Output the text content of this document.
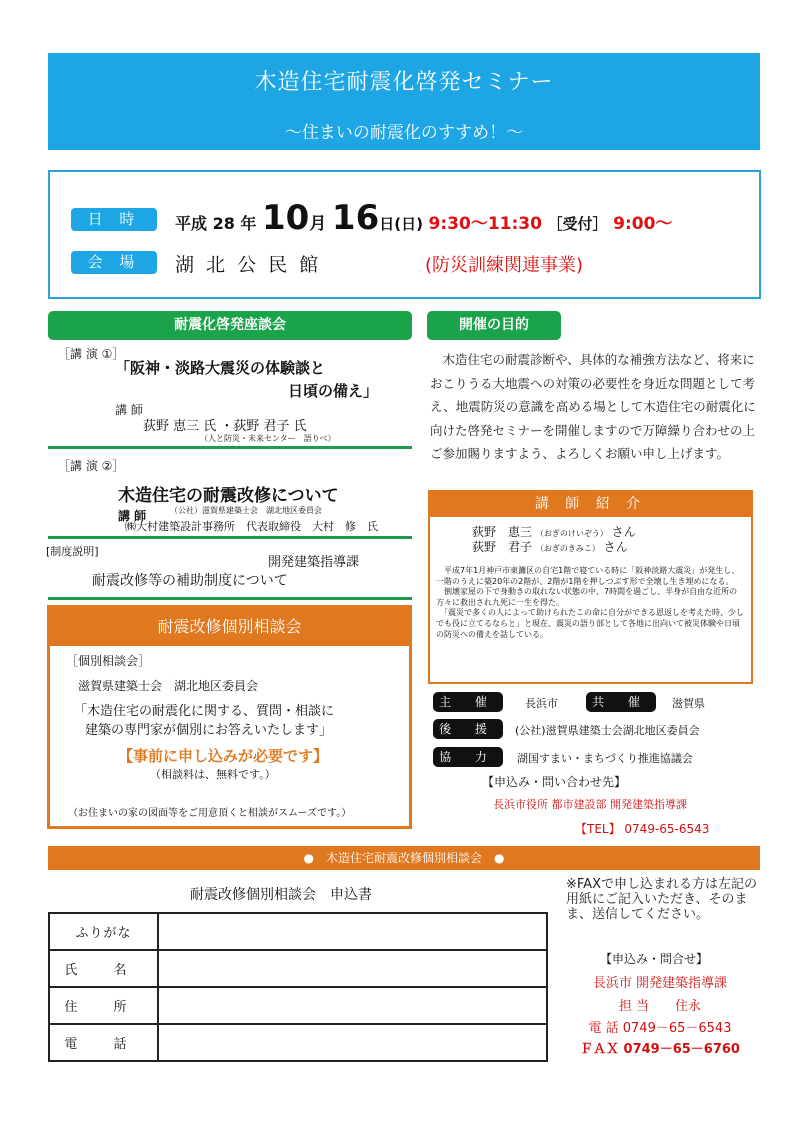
木造住宅耐震化啓発セミナー
～住まいの耐震化のすすめ！～
日 時	平成 28 年 10月 16日(日) 9:30～11:30 ［受付］ 9:00～
会 場	湖 北 公 民 館	(防災訓練関連事業)
耐震化啓発座談会	開催の目的
［講 演 ①］
「阪神・淡路大震災の体験談と
日頃の備え」
講 師
荻野 恵三 氏 ・荻野 君子 氏
（人と防災・未来センター　語りべ）
［講 演 ②］
木造住宅の耐震改修について
講 師	（公社）滋賀県建築士会　湖北地区委員会
㈱大村建築設計事務所　代表取締役　大村　修　氏
[制度説明]
開発建築指導課
耐震改修等の補助制度について
耐震改修個別相談会
［個別相談会］
滋賀県建築士会　湖北地区委員会
「木造住宅の耐震化に関する、質問・相談に
建築の専門家が個別にお答えいたします」
【事前に申し込みが必要です】
（相談料は、無料です。）
（お住まいの家の図面等をご用意頂くと相談がスムーズです。）
　木造住宅の耐震診断や、具体的な補強方法など、将来におこりうる大地震への対策の必要性を身近な問題として考え、地震防災の意識を高める場として木造住宅の耐震化に向けた啓発セミナーを開催しますので万障繰り合わせの上ご参加賜りますよう、よろしくお願い申し上げます。
講 師 紹 介
荻野　恵三 （おぎのけいぞう） さん
荻野　君子 （おぎのきみこ） さん
　平成7年1月神戸市東灘区の自宅1階で寝ている時に「阪神淡路大震災」が発生し、一階のうえに築20年の2階が、2階が1階を押しつぶす形で全壊し生き埋めになる。
　倒壊家屋の下で身動きの取れない状態の中、7時間を過ごし、半身が自由な近所の方々に救出され九死に一生を得た。
　「震災で多くの人によって助けられたこの命に自分ができる恩返しを考えた時、少しでも役に立てるならと」と現在、震災の語り部として各地に出向いて被災体験や日頃の防災への備えを話している。
主 催	長浜市	共 催	滋賀県
後 援	(公社)滋賀県建築士会湖北地区委員会
協 力	湖国すまい・まちづくり推進協議会
【申込み・問い合わせ先】
長浜市役所 都市建設部 開発建築指導課
【TEL】 0749-65-6543
●　木造住宅耐震改修個別相談会　●
耐震改修個別相談会　申込書
ふりがな	
氏 名	
住 所	
電 話	
※FAXで申し込まれる方は左記の用紙にご記入いただき、そのまま、送信してください。
【申込み・問合せ】
長浜市 開発建築指導課
担 当　　住永
電 話 0749－65－6543
ＦＡＸ 0749－65－6760
